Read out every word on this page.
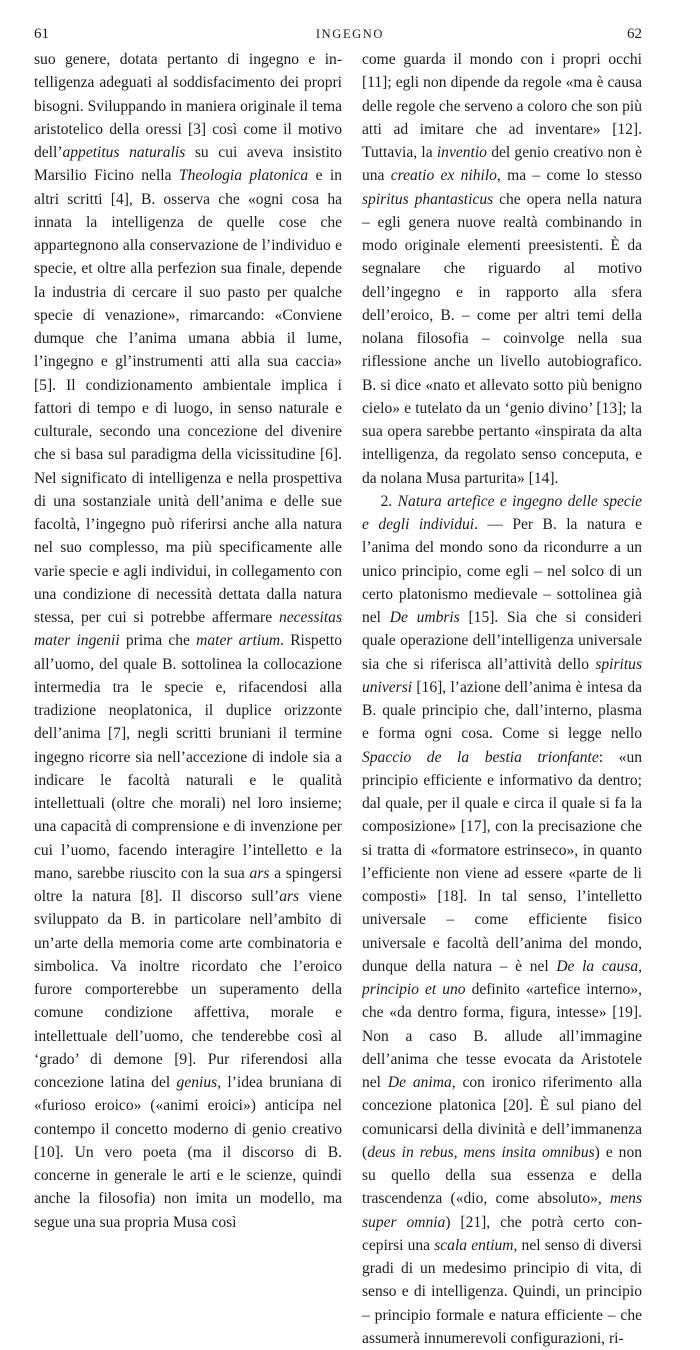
61	INGEGNO	62

suo genere, dotata pertanto di ingegno e intelligenza adeguati al soddisfacimento dei propri bisogni. Sviluppando in maniera originale il tema aristotelico della oressi [3] così come il motivo dell’appetitus naturalis su cui aveva insistito Marsilio Ficino nella Theologia platonica e in altri scritti [4], B. osserva che «ogni cosa ha innata la intelligenza de quelle cose che appartegnono alla conservazione de l’individuo e specie, et oltre alla perfezion sua finale, depende la industria di cercare il suo pasto per qualche specie di venazione», rimarcando: «Conviene dumque che l’anima umana abbia il lume, l’ingegno e gl’instrumenti atti alla sua caccia» [5]. Il condizionamento ambientale implica i fattori di tempo e di luogo, in senso naturale e culturale, secondo una concezione del divenire che si basa sul paradigma della vicissitudine [6]. Nel significato di intelligenza e nella prospettiva di una sostanziale unità dell’anima e delle sue facoltà, l’ingegno può riferirsi anche alla natura nel suo complesso, ma più specificamente alle varie specie e agli individui, in collegamento con una condizione di necessità dettata dalla natura stessa, per cui si potrebbe affermare necessitas mater ingenii prima che mater artium. Rispetto all’uomo, del quale B. sottolinea la collocazione intermedia tra le specie e, rifacendosi alla tradizione neoplatonica, il duplice orizzonte dell’anima [7], negli scritti bruniani il termine ingegno ricorre sia nell’accezione di indole sia a indicare le facoltà naturali e le qualità intellettuali (oltre che morali) nel loro insieme; una capacità di comprensione e di invenzione per cui l’uomo, facendo interagire l’intelletto e la mano, sarebbe riuscito con la sua ars a spingersi oltre la natura [8]. Il discorso sull’ars viene sviluppato da B. in particolare nell’ambito di un’arte della memoria come arte combinatoria e simbolica. Va inoltre ricordato che l’eroico furore comporterebbe un superamento della comune condizione affettiva, morale e intellettuale dell’uomo, che tenderebbe così al ‘grado’ di demone [9]. Pur riferendosi alla concezione latina del genius, l’idea bruniana di «furioso eroico» («animi eroici») anticipa nel contempo il concetto moderno di genio creativo [10]. Un vero poeta (ma il discorso di B. concerne in generale le arti e le scienze, quindi anche la filosofia) non imita un modello, ma segue una sua propria Musa così

come guarda il mondo con i propri occhi [11]; egli non dipende da regole «ma è causa delle regole che serveno a coloro che son più atti ad imitare che ad inventare» [12]. Tuttavia, la inventio del genio creativo non è una creatio ex nihilo, ma – come lo stesso spiritus phantasticus che opera nella natura – egli genera nuove realtà combinando in modo originale elementi preesistenti. È da segnalare che riguardo al motivo dell’ingegno e in rapporto alla sfera dell’eroico, B. – come per altri temi della nolana filosofia – coinvolge nella sua riflessione anche un livello autobiografico. B. si dice «nato et allevato sotto più benigno cielo» e tutelato da un ‘genio divino’ [13]; la sua opera sarebbe pertanto «inspirata da alta intelligenza, da regolato senso conceputa, e da nolana Musa parturita» [14].

2. Natura artefice e ingegno delle specie e degli individui. — Per B. la natura e l’anima del mondo sono da ricondurre a un unico principio, come egli – nel solco di un certo platonismo medievale – sottolinea già nel De umbris [15]. Sia che si consideri quale operazione dell’intelligenza universale sia che si riferisca all’attività dello spiritus universi [16], l’azione dell’anima è intesa da B. quale principio che, dall’interno, plasma e forma ogni cosa. Come si legge nello Spaccio de la bestia trionfante: «un principio efficiente e informativo da dentro; dal quale, per il quale e circa il quale si fa la composizione» [17], con la precisazione che si tratta di «formatore estrinseco», in quanto l’efficiente non viene ad essere «parte de li composti» [18]. In tal senso, l’intelletto universale – come efficiente fisico universale e facoltà dell’anima del mondo, dunque della natura – è nel De la causa, principio et uno definito «artefice interno», che «da dentro forma, figura, intesse» [19]. Non a caso B. allude all’immagine dell’anima che tesse evocata da Aristotele nel De anima, con ironico riferimento alla concezione platonica [20]. È sul piano del comunicarsi della divinità e dell’immanenza (deus in rebus, mens insita omnibus) e non su quello della sua essenza e della trascendenza («dio, come absoluto», mens super omnia) [21], che potrà certo concepirsi una scala entium, nel senso di diversi gradi di un medesimo principio di vita, di senso e di intelligenza. Quindi, un principio – principio formale e natura efficiente – che assumerà innumerevoli configurazioni, ri-
